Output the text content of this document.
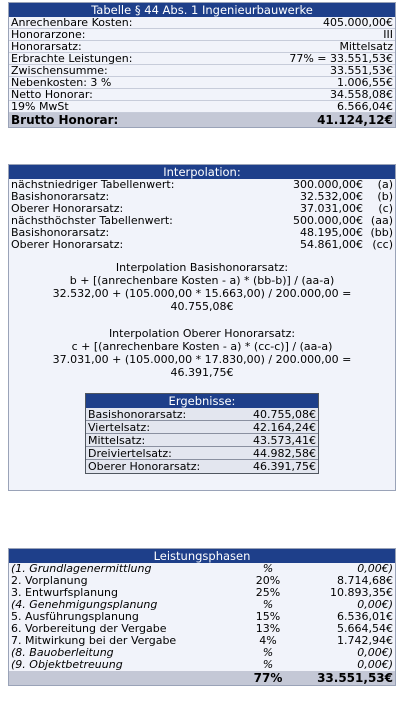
Tabelle § 44 Abs. 1 Ingenieurbauwerke
Anrechenbare Kosten:	405.000,00€
Honorarzone:	III
Honorarsatz:	Mittelsatz
Erbrachte Leistungen:	77% = 33.551,53€
Zwischensumme:	33.551,53€
Nebenkosten: 3 %	1.006,55€
Netto Honorar:	34.558,08€
19% MwSt	6.566,04€
Brutto Honorar:	41.124,12€
Interpolation:
nächstniedriger Tabellenwert:	300.000,00€	(a)
Basishonorarsatz:	32.532,00€	(b)
Oberer Honorarsatz:	37.031,00€	(c)
nächsthöchster Tabellenwert:	500.000,00€ (aa)
Basishonorarsatz:	48.195,00€ (bb)
Oberer Honorarsatz:	54.861,00€ (cc)
Interpolation Basishonorarsatz:
b + [(anrechenbare Kosten - a) * (bb-b)] / (aa-a)
32.532,00 + (105.000,00 * 15.663,00) / 200.000,00 =
40.755,08€
Interpolation Oberer Honorarsatz:
c + [(anrechenbare Kosten - a) * (cc-c)] / (aa-a)
37.031,00 + (105.000,00 * 17.830,00) / 200.000,00 =
46.391,75€
Ergebnisse:
Basishonorarsatz:	40.755,08€
Viertelsatz:	42.164,24€
Mittelsatz:	43.573,41€
Dreiviertelsatz:	44.982,58€
Oberer Honorarsatz:	46.391,75€
Leistungsphasen
(1. Grundlagenermittlung	%	0,00€)
2. Vorplanung	20%	8.714,68€
3. Entwurfsplanung	25%	10.893,35€
(4. Genehmigungsplanung	%	0,00€)
5. Ausführungsplanung	15%	6.536,01€
6. Vorbereitung der Vergabe	13%	5.664,54€
7. Mitwirkung bei der Vergabe	4%	1.742,94€
(8. Bauoberleitung	%	0,00€)
(9. Objektbetreuung	%	0,00€)
77%	33.551,53€
